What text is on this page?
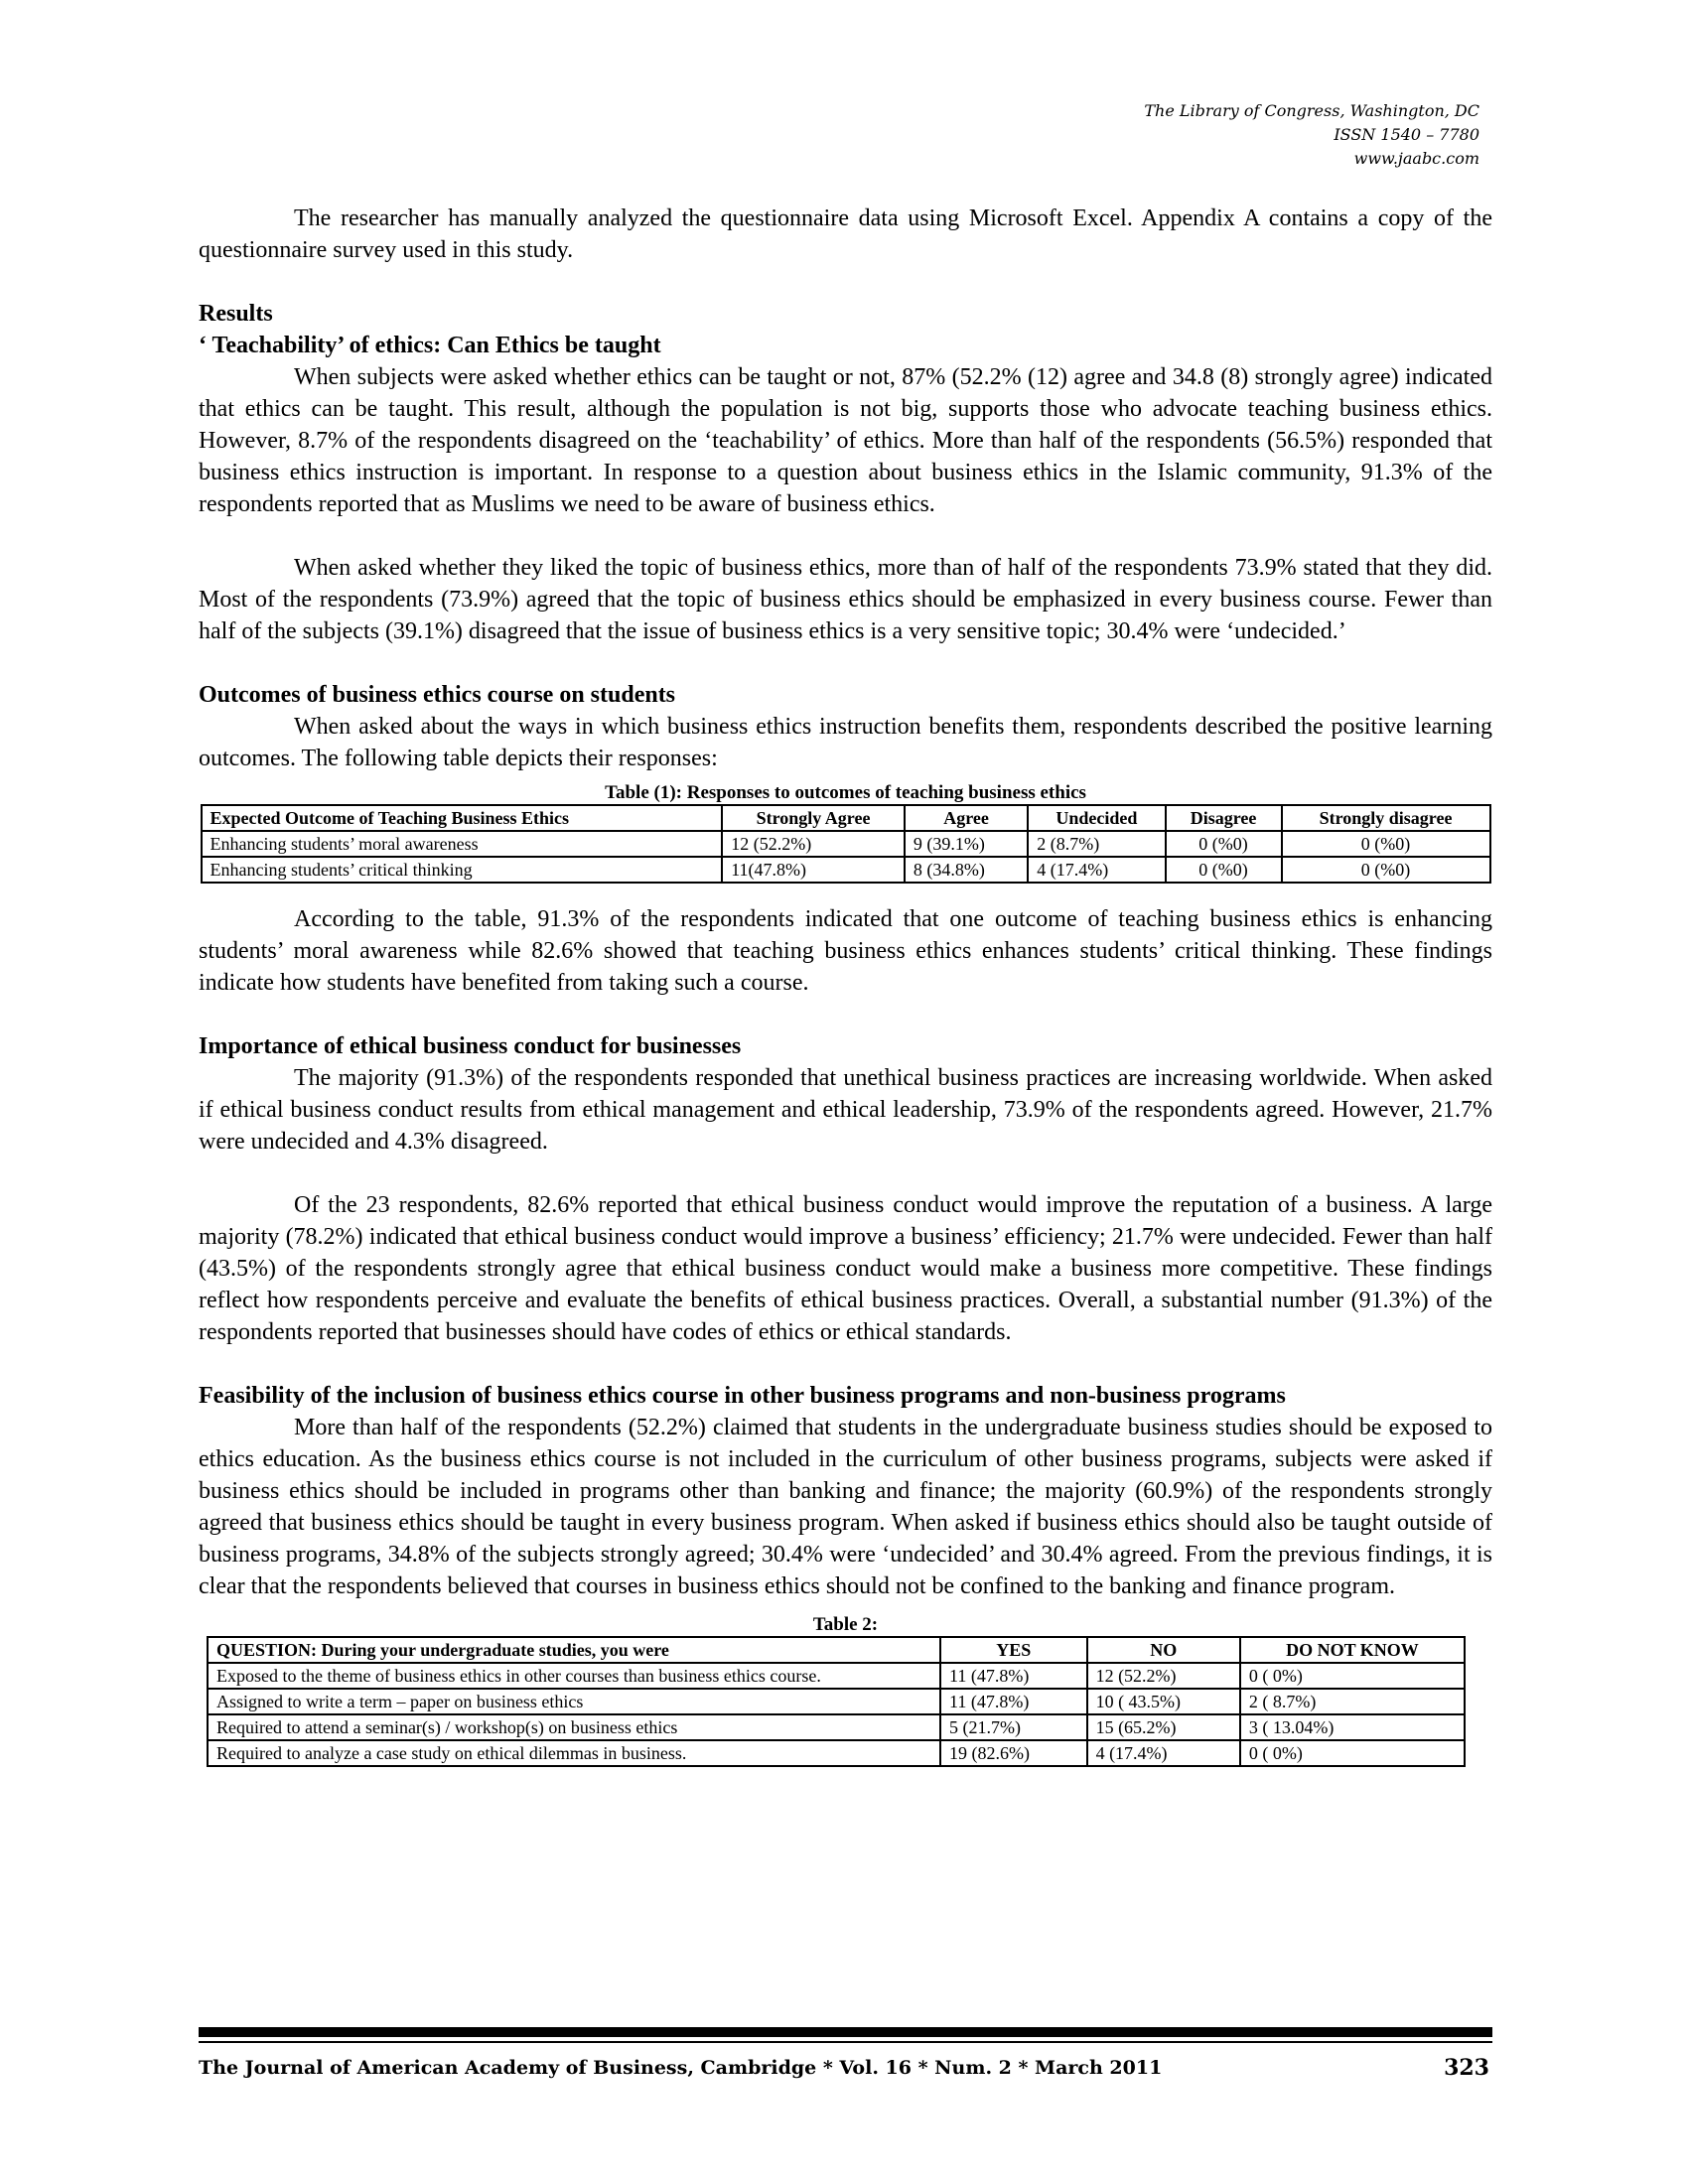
The Library of Congress, Washington, DC
ISSN 1540 – 7780
www.jaabc.com

The researcher has manually analyzed the questionnaire data using Microsoft Excel. Appendix A contains a copy of the questionnaire survey used in this study.

Results
‘ Teachability’ of ethics: Can Ethics be taught

When subjects were asked whether ethics can be taught or not, 87% (52.2% (12) agree and 34.8 (8) strongly agree) indicated that ethics can be taught. This result, although the population is not big, supports those who advocate teaching business ethics. However, 8.7% of the respondents disagreed on the ‘teachability’ of ethics. More than half of the respondents (56.5%) responded that business ethics instruction is important. In response to a question about business ethics in the Islamic community, 91.3% of the respondents reported that as Muslims we need to be aware of business ethics.

When asked whether they liked the topic of business ethics, more than of half of the respondents 73.9% stated that they did. Most of the respondents (73.9%) agreed that the topic of business ethics should be emphasized in every business course. Fewer than half of the subjects (39.1%) disagreed that the issue of business ethics is a very sensitive topic; 30.4% were ‘undecided.’

Outcomes of business ethics course on students

When asked about the ways in which business ethics instruction benefits them, respondents described the positive learning outcomes. The following table depicts their responses:

Table (1): Responses to outcomes of teaching business ethics
Expected Outcome of Teaching Business Ethics	Strongly Agree	Agree	Undecided	Disagree	Strongly disagree
Enhancing students’ moral awareness	12 (52.2%)	9 (39.1%)	2 (8.7%)	0 (%0)	0 (%0)
Enhancing students’ critical thinking	11(47.8%)	8 (34.8%)	4 (17.4%)	0 (%0)	0 (%0)

According to the table, 91.3% of the respondents indicated that one outcome of teaching business ethics is enhancing students’ moral awareness while 82.6% showed that teaching business ethics enhances students’ critical thinking. These findings indicate how students have benefited from taking such a course.

Importance of ethical business conduct for businesses

The majority (91.3%) of the respondents responded that unethical business practices are increasing worldwide. When asked if ethical business conduct results from ethical management and ethical leadership, 73.9% of the respondents agreed. However, 21.7% were undecided and 4.3% disagreed.

Of the 23 respondents, 82.6% reported that ethical business conduct would improve the reputation of a business. A large majority (78.2%) indicated that ethical business conduct would improve a business’ efficiency; 21.7% were undecided. Fewer than half (43.5%) of the respondents strongly agree that ethical business conduct would make a business more competitive. These findings reflect how respondents perceive and evaluate the benefits of ethical business practices. Overall, a substantial number (91.3%) of the respondents reported that businesses should have codes of ethics or ethical standards.

Feasibility of the inclusion of business ethics course in other business programs and non-business programs

More than half of the respondents (52.2%) claimed that students in the undergraduate business studies should be exposed to ethics education. As the business ethics course is not included in the curriculum of other business programs, subjects were asked if business ethics should be included in programs other than banking and finance; the majority (60.9%) of the respondents strongly agreed that business ethics should be taught in every business program. When asked if business ethics should also be taught outside of business programs, 34.8% of the subjects strongly agreed; 30.4% were ‘undecided’ and 30.4% agreed. From the previous findings, it is clear that the respondents believed that courses in business ethics should not be confined to the banking and finance program.

Table 2:
QUESTION: During your undergraduate studies, you were	YES	NO	DO NOT KNOW
Exposed to the theme of business ethics in other courses than business ethics course.	11 (47.8%)	12 (52.2%)	0 ( 0%)
Assigned to write a term – paper on business ethics	11 (47.8%)	10 ( 43.5%)	2 ( 8.7%)
Required to attend a seminar(s) / workshop(s) on business ethics	5 (21.7%)	15 (65.2%)	3 ( 13.04%)
Required to analyze a case study on ethical dilemmas in business.	19 (82.6%)	4 (17.4%)	0 ( 0%)
The Journal of American Academy of Business, Cambridge * Vol. 16 * Num. 2 * March 2011	323
